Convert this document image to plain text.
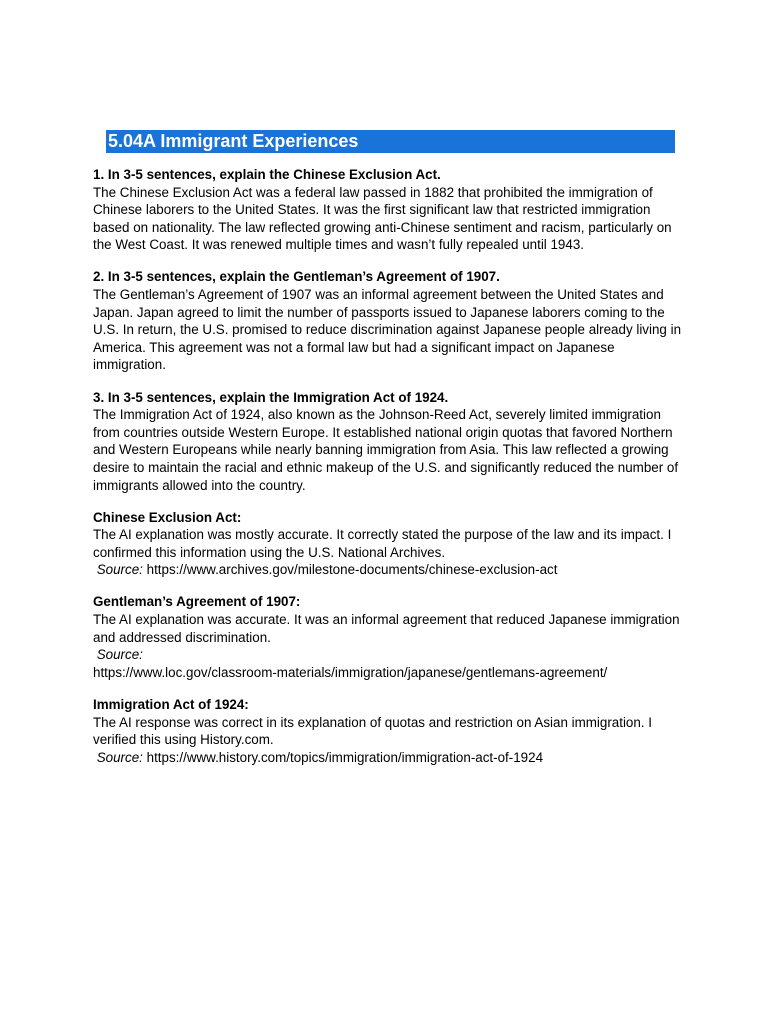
5.04A Immigrant Experiences
1. In 3-5 sentences, explain the Chinese Exclusion Act.
The Chinese Exclusion Act was a federal law passed in 1882 that prohibited the immigration of Chinese laborers to the United States. It was the first significant law that restricted immigration based on nationality. The law reflected growing anti-Chinese sentiment and racism, particularly on the West Coast. It was renewed multiple times and wasn’t fully repealed until 1943.
2. In 3-5 sentences, explain the Gentleman’s Agreement of 1907.
The Gentleman’s Agreement of 1907 was an informal agreement between the United States and Japan. Japan agreed to limit the number of passports issued to Japanese laborers coming to the U.S. In return, the U.S. promised to reduce discrimination against Japanese people already living in America. This agreement was not a formal law but had a significant impact on Japanese immigration.
3. In 3-5 sentences, explain the Immigration Act of 1924.
The Immigration Act of 1924, also known as the Johnson-Reed Act, severely limited immigration from countries outside Western Europe. It established national origin quotas that favored Northern and Western Europeans while nearly banning immigration from Asia. This law reflected a growing desire to maintain the racial and ethnic makeup of the U.S. and significantly reduced the number of immigrants allowed into the country.
Chinese Exclusion Act:
The AI explanation was mostly accurate. It correctly stated the purpose of the law and its impact. I confirmed this information using the U.S. National Archives.
Source: https://www.archives.gov/milestone-documents/chinese-exclusion-act
Gentleman’s Agreement of 1907:
The AI explanation was accurate. It was an informal agreement that reduced Japanese immigration and addressed discrimination.
Source:
https://www.loc.gov/classroom-materials/immigration/japanese/gentlemans-agreement/
Immigration Act of 1924:
The AI response was correct in its explanation of quotas and restriction on Asian immigration. I verified this using History.com.
Source: https://www.history.com/topics/immigration/immigration-act-of-1924
